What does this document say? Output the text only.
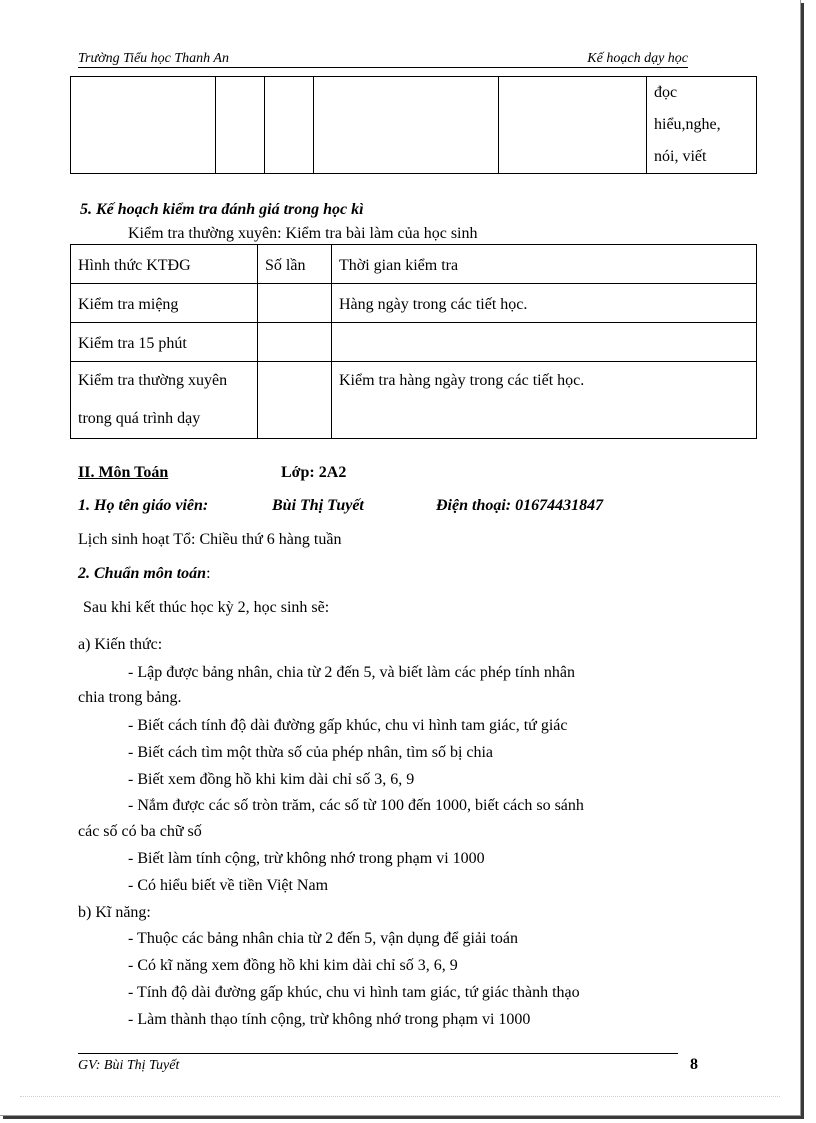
Trường Tiểu học Thanh An	Kế hoạch dạy học

đọc
hiểu,nghe,
nói, viết
5. Kế hoạch kiểm tra đánh giá trong học kì
Kiểm tra thường xuyên: Kiểm tra bài làm của học sinh
Hình thức KTĐG	Số lần	Thời gian kiểm tra
Kiểm tra miệng		Hàng ngày trong các tiết học.
Kiểm tra 15 phút		

Kiểm tra thường xuyên
trong quá trình dạy		Kiểm tra hàng ngày trong các tiết học.
II. Môn Toán	Lớp: 2A2
1. Họ tên giáo viên:	Bùi Thị Tuyết	Điện thoại: 01674431847
Lịch sinh hoạt Tổ: Chiều thứ 6 hàng tuần
2. Chuẩn môn toán:
Sau khi kết thúc học kỳ 2, học sinh sẽ:
a) Kiến thức:
- Lập được bảng nhân, chia từ 2 đến 5, và biết làm các phép tính nhân
chia trong bảng.
- Biết cách tính độ dài đường gấp khúc, chu vi hình tam giác, tứ giác
- Biết cách tìm một thừa số của phép nhân, tìm số bị chia
- Biết xem đồng hồ khi kim dài chỉ số 3, 6, 9
- Nắm được các số tròn trăm, các số từ 100 đến 1000, biết cách so sánh
các số có ba chữ số
- Biết làm tính cộng, trừ không nhớ trong phạm vi 1000
- Có hiểu biết về tiền Việt Nam
b) Kĩ năng:
- Thuộc các bảng nhân chia từ 2 đến 5, vận dụng để giải toán
- Có kĩ năng xem đồng hồ khi kim dài chỉ số 3, 6, 9
- Tính độ dài đường gấp khúc, chu vi hình tam giác, tứ giác thành thạo
- Làm thành thạo tính cộng, trừ không nhớ trong phạm vi 1000
GV: Bùi Thị Tuyết	8
